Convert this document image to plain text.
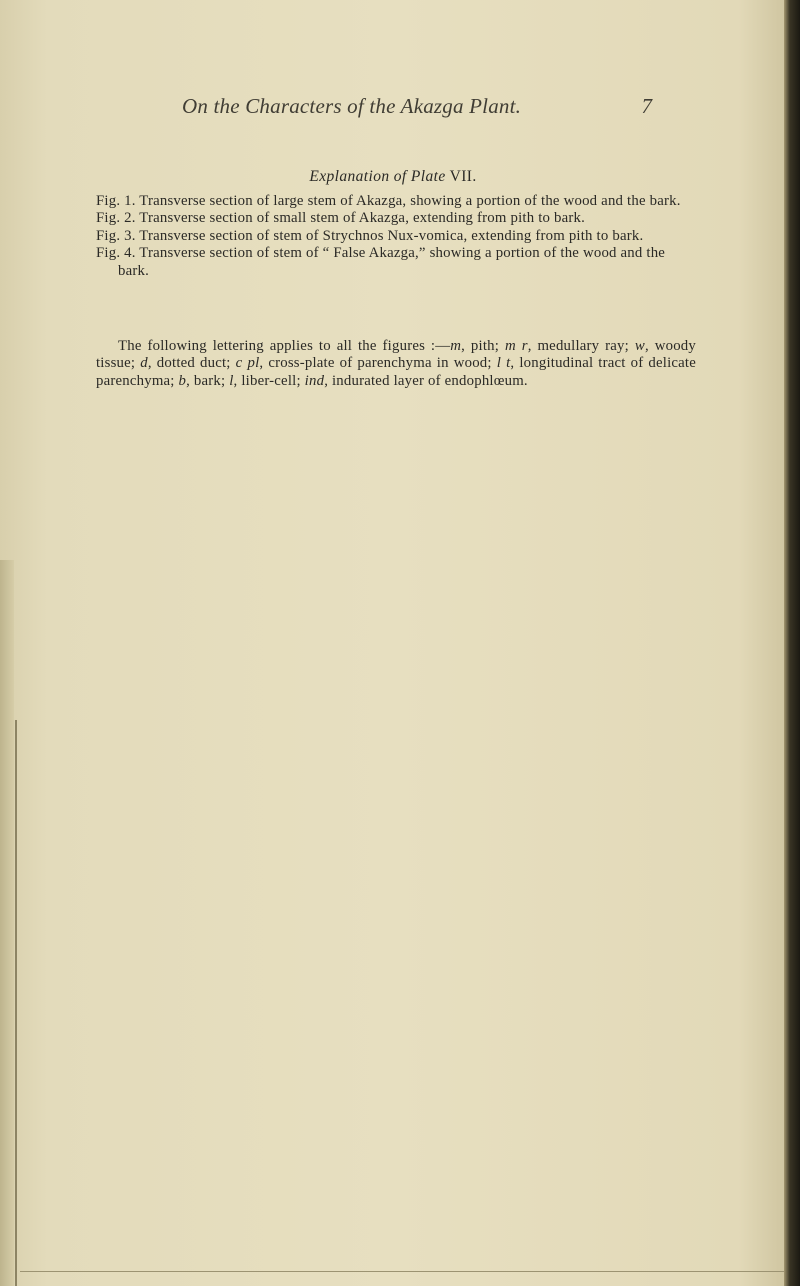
On the Characters of the Akazga Plant.	7
Explanation of Plate VII.

Fig. 1. Transverse section of large stem of Akazga, showing a portion of the wood and the bark.

Fig. 2. Transverse section of small stem of Akazga, extending from pith to bark.

Fig. 3. Transverse section of stem of Strychnos Nux-vomica, extending from pith to bark.

Fig. 4. Transverse section of stem of “ False Akazga,” showing a portion of the wood and the bark.

The following lettering applies to all the figures :—m, pith; m r, medullary ray; w, woody tissue; d, dotted duct; c pl, cross-plate of parenchyma in wood; l t, longitudinal tract of delicate parenchyma; b, bark; l, liber-cell; ind, indurated layer of endophlœum.
